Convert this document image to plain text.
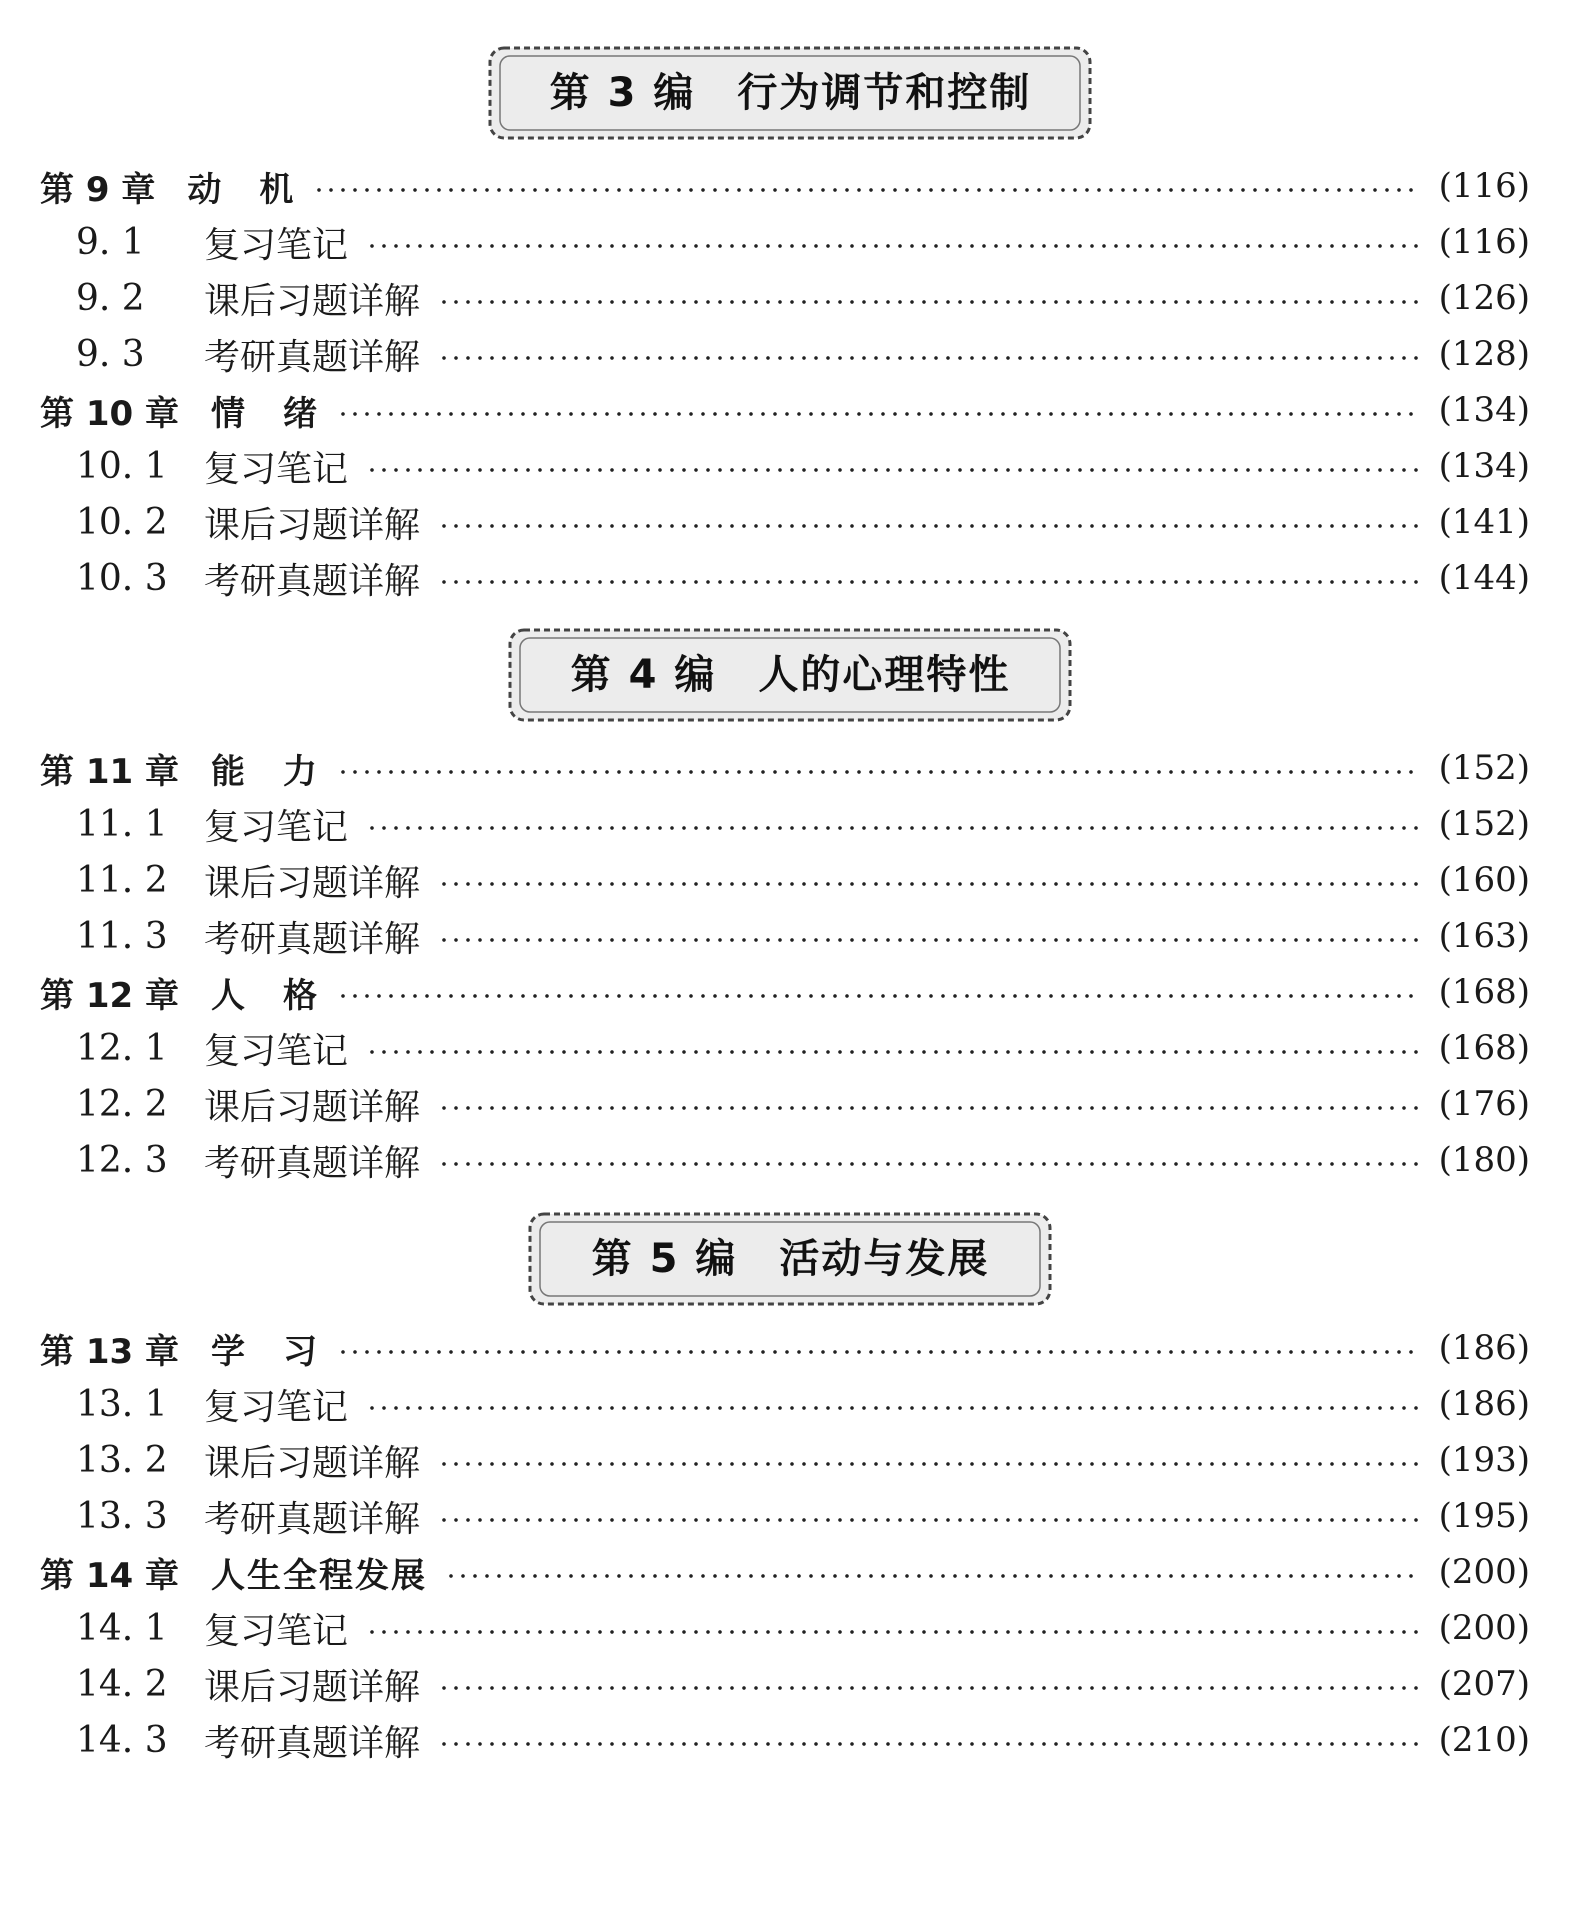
第 3 编　行为调节和控制
第 9 章 动　机	(116)
9. 1	复习笔记	(116)
9. 2	课后习题详解	(126)
9. 3	考研真题详解	(128)
第 10 章 情　绪	(134)
10. 1	复习笔记	(134)
10. 2	课后习题详解	(141)
10. 3	考研真题详解	(144)
第 4 编　人的心理特性
第 11 章 能　力	(152)
11. 1	复习笔记	(152)
11. 2	课后习题详解	(160)
11. 3	考研真题详解	(163)
第 12 章 人　格	(168)
12. 1	复习笔记	(168)
12. 2	课后习题详解	(176)
12. 3	考研真题详解	(180)
第 5 编　活动与发展
第 13 章 学　习	(186)
13. 1	复习笔记	(186)
13. 2	课后习题详解	(193)
13. 3	考研真题详解	(195)
第 14 章 人生全程发展	(200)
14. 1	复习笔记	(200)
14. 2	课后习题详解	(207)
14. 3	考研真题详解	(210)
